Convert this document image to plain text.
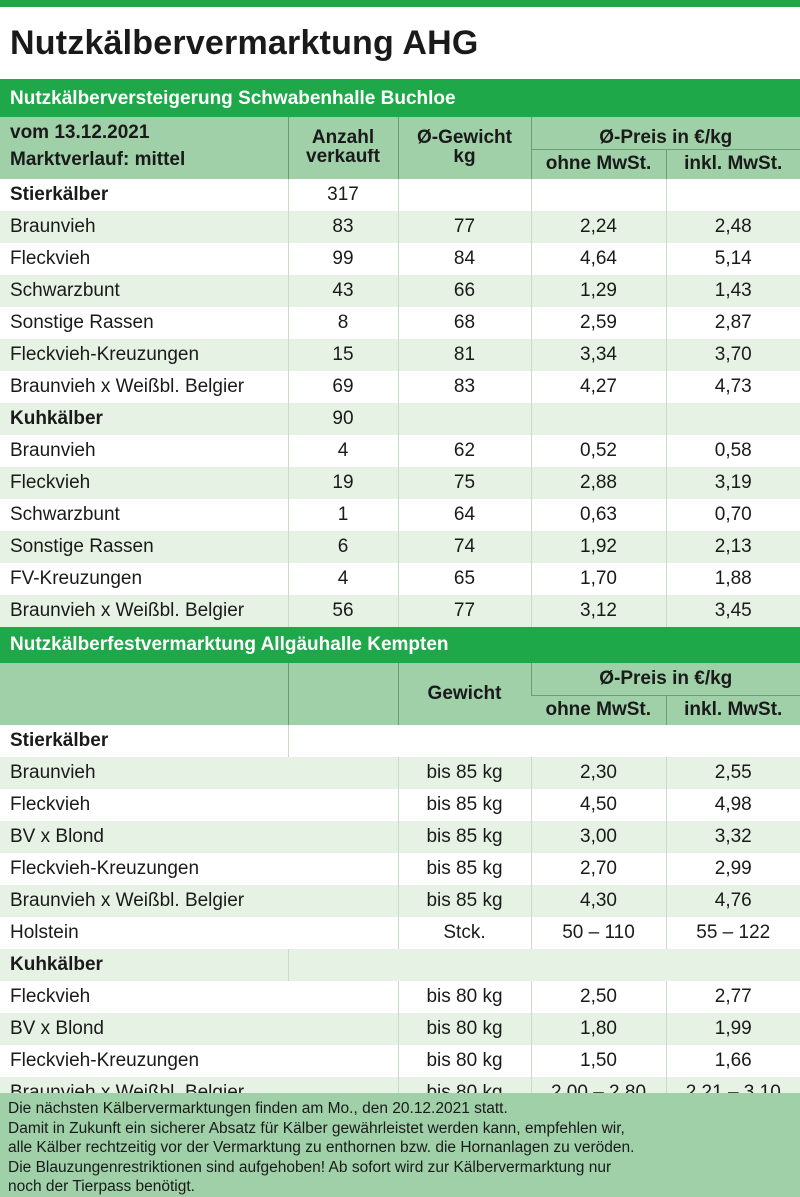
Nutzkälbervermarktung AHG
Nutzkälberversteigerung Schwabenhalle Buchloe
vom 13.12.2021	Anzahl	Ø-Gewicht	Ø-Preis in €/kg	
Marktverlauf: mittel	verkauft	kg	ohne MwSt.	inkl. MwSt.
Stierkälber	317			
Braunvieh	83	77	2,24	2,48
Fleckvieh	99	84	4,64	5,14
Schwarzbunt	43	66	1,29	1,43
Sonstige Rassen	8	68	2,59	2,87
Fleckvieh-Kreuzungen	15	81	3,34	3,70
Braunvieh x Weißbl. Belgier	69	83	4,27	4,73
Kuhkälber	90			
Braunvieh	4	62	0,52	0,58
Fleckvieh	19	75	2,88	3,19
Schwarzbunt	1	64	0,63	0,70
Sonstige Rassen	6	74	1,92	2,13
FV-Kreuzungen	4	65	1,70	1,88
Braunvieh x Weißbl. Belgier	56	77	3,12	3,45
Nutzkälberfestvermarktung Allgäuhalle Kempten
		Gewicht	Ø-Preis in €/kg	
			ohne MwSt.	inkl. MwSt.
Stierkälber				
Braunvieh		bis 85 kg	2,30	2,55
Fleckvieh		bis 85 kg	4,50	4,98
BV x Blond		bis 85 kg	3,00	3,32
Fleckvieh-Kreuzungen		bis 85 kg	2,70	2,99
Braunvieh x Weißbl. Belgier		bis 85 kg	4,30	4,76
Holstein		Stck.	50 – 110	55 – 122
Kuhkälber				
Fleckvieh		bis 80 kg	2,50	2,77
BV x Blond		bis 80 kg	1,80	1,99
Fleckvieh-Kreuzungen		bis 80 kg	1,50	1,66

Die nächsten Kälbervermarktungen finden am Mo., den 20.12.2021 statt.
Damit in Zukunft ein sicherer Absatz für Kälber gewährleistet werden kann, empfehlen wir,
alle Kälber rechtzeitig vor der Vermarktung zu enthornen bzw. die Hornanlagen zu veröden.
Die Blauzungenrestriktionen sind aufgehoben! Ab sofort wird zur Kälbervermarktung nur
noch der Tierpass benötigt.
